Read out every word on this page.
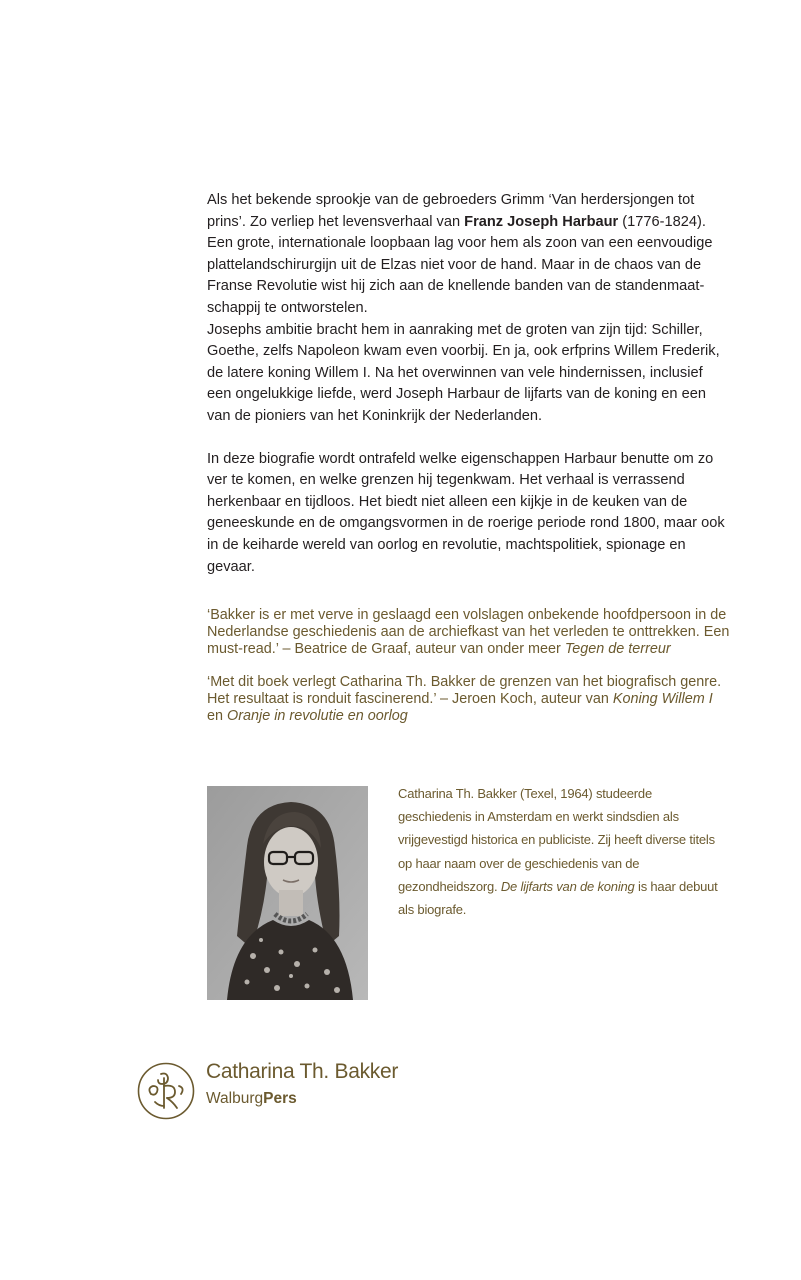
Als het bekende sprookje van de gebroeders Grimm ‘Van herdersjongen tot prins’. Zo verliep het levensverhaal van Franz Joseph Harbaur (1776-1824). Een grote, internationale loopbaan lag voor hem als zoon van een eenvoudige plattelandschirurgijn uit de Elzas niet voor de hand. Maar in de chaos van de Franse Revolutie wist hij zich aan de knellende banden van de standenmaatschappij te ontworstelen.

Josephs ambitie bracht hem in aanraking met de groten van zijn tijd: Schiller, Goethe, zelfs Napoleon kwam even voorbij. En ja, ook erfprins Willem Frederik, de latere koning Willem I. Na het overwinnen van vele hindernissen, inclusief een ongelukkige liefde, werd Joseph Harbaur de lijfarts van de koning en een van de pioniers van het Koninkrijk der Nederlanden.

In deze biografie wordt ontrafeld welke eigenschappen Harbaur benutte om zo ver te komen, en welke grenzen hij tegenkwam. Het verhaal is verrassend herkenbaar en tijdloos. Het biedt niet alleen een kijkje in de keuken van de geneeskunde en de omgangsvormen in de roerige periode rond 1800, maar ook in de keiharde wereld van oorlog en revolutie, machtspolitiek, spionage en gevaar.

‘Bakker is er met verve in geslaagd een volslagen onbekende hoofdpersoon in de Nederlandse geschiedenis aan de archiefkast van het verleden te onttrekken. Een must-read.’ – Beatrice de Graaf, auteur van onder meer Tegen de terreur

‘Met dit boek verlegt Catharina Th. Bakker de grenzen van het biografisch genre. Het resultaat is ronduit fascinerend.’ – Jeroen Koch, auteur van Koning Willem I en Oranje in revolutie en oorlog

Catharina Th. Bakker (Texel, 1964) studeerde geschiedenis in Amsterdam en werkt sindsdien als vrijgevestigd historica en publiciste. Zij heeft diverse titels op haar naam over de geschiedenis van de gezondheidszorg. De lijfarts van de koning is haar debuut als biografe.
Catharina Th. Bakker
WalburgPers
